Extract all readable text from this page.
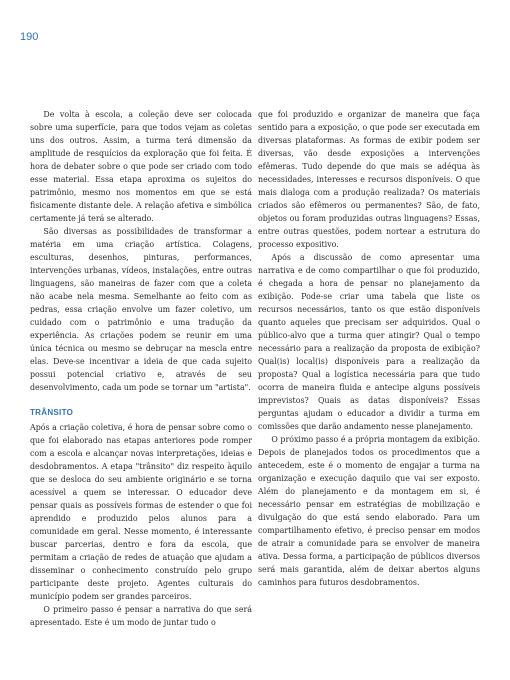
190

De volta à escola, a coleção deve ser colocada sobre uma superfície, para que todos vejam as coletas uns dos outros. Assim, a turma terá dimensão da amplitude de resquícios da exploração que foi feita. É hora de debater sobre o que pode ser criado com todo esse material. Essa etapa aproxima os sujeitos do patrimônio, mesmo nos momentos em que se está fisicamente distante dele. A relação afetiva e simbólica certamente já terá se alterado.

São diversas as possibilidades de transformar a matéria em uma criação artística. Colagens, esculturas, desenhos, pinturas, performances, intervenções urbanas, vídeos, instalações, entre outras linguagens, são maneiras de fazer com que a coleta não acabe nela mesma. Semelhante ao feito com as pedras, essa criação envolve um fazer coletivo, um cuidado com o patrimônio e uma tradução da experiência. As criações podem se reunir em uma única técnica ou mesmo se debruçar na mescla entre elas. Deve-se incentivar a ideia de que cada sujeito possui potencial criativo e, através de seu desenvolvimento, cada um pode se tornar um "artista".

TRÂNSITO

Após a criação coletiva, é hora de pensar sobre como o que foi elaborado nas etapas anteriores pode romper com a escola e alcançar novas interpretações, ideias e desdobramentos. A etapa "trânsito" diz respeito àquilo que se desloca do seu ambiente originário e se torna acessível a quem se interessar. O educador deve pensar quais as possíveis formas de estender o que foi aprendido e produzido pelos alunos para a comunidade em geral. Nesse momento, é interessante buscar parcerias, dentro e fora da escola, que permitam a criação de redes de atuação que ajudam a disseminar o conhecimento construído pelo grupo participante deste projeto. Agentes culturais do município podem ser grandes parceiros.

O primeiro passo é pensar a narrativa do que será apresentado. Este é um modo de juntar tudo o

que foi produzido e organizar de maneira que faça sentido para a exposição, o que pode ser executada em diversas plataformas. As formas de exibir podem ser diversas, vão desde exposições a intervenções efêmeras. Tudo depende do que mais se adéqua às necessidades, interesses e recursos disponíveis. O que mais dialoga com a produção realizada? Os materiais criados são efêmeros ou permanentes? São, de fato, objetos ou foram produzidas outras linguagens? Essas, entre outras questões, podem nortear a estrutura do processo expositivo.

Após a discussão de como apresentar uma narrativa e de como compartilhar o que foi produzido, é chegada a hora de pensar no planejamento da exibição. Pode-se criar uma tabela que liste os recursos necessários, tanto os que estão disponíveis quanto aqueles que precisam ser adquiridos. Qual o público-alvo que a turma quer atingir? Qual o tempo necessário para a realização da proposta de exibição? Qual(is) local(is) disponíveis para a realização da proposta? Qual a logística necessária para que tudo ocorra de maneira fluida e antecipe alguns possíveis imprevistos? Quais as datas disponíveis? Essas perguntas ajudam o educador a dividir a turma em comissões que darão andamento nesse planejamento.

O próximo passo é a própria montagem da exibição. Depois de planejados todos os procedimentos que a antecedem, este é o momento de engajar a turma na organização e execução daquilo que vai ser exposto. Além do planejamento e da montagem em si, é necessário pensar em estratégias de mobilização e divulgação do que está sendo elaborado. Para um compartilhamento efetivo, é preciso pensar em modos de atrair a comunidade para se envolver de maneira ativa. Dessa forma, a participação de públicos diversos será mais garantida, além de deixar abertos alguns caminhos para futuros desdobramentos.
